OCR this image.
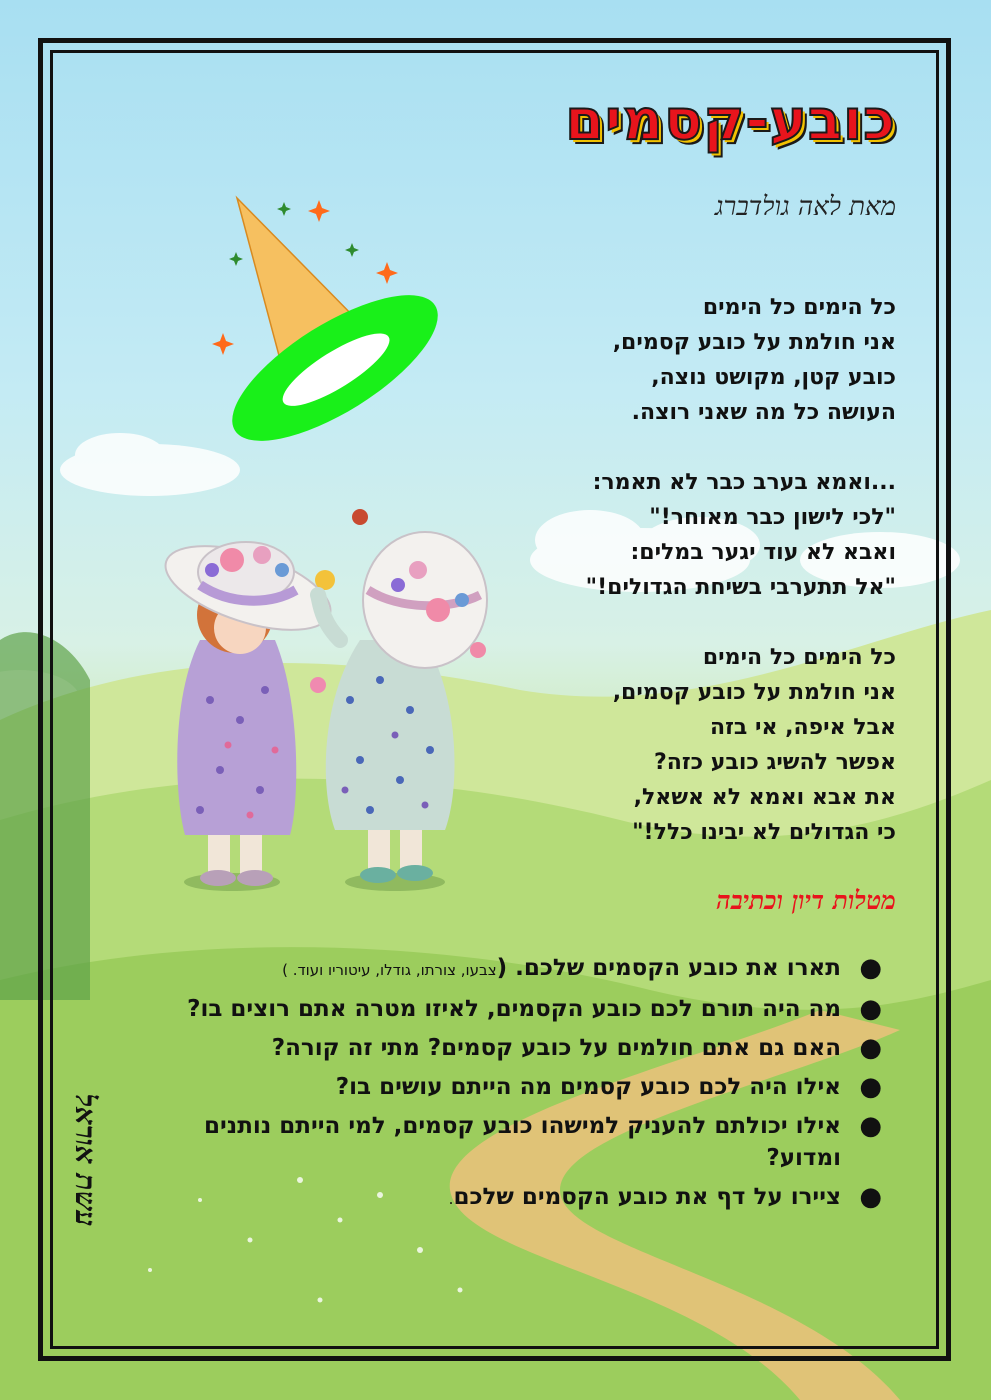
כובע-קסמים
מאת לאה גולדברג
כל הימים כל הימים
אני חולמת על כובע קסמים,
כובע קטן, מקושט נוצה,
העושה כל מה שאני רוצה.
...ואמא בערב כבר לא תאמר:
"לכי לישון כבר מאוחר!"
ואבא לא עוד יגער במלים:
"אל תתערבי בשיחת הגדולים!"
כל הימים כל הימים
אני חולמת על כובע קסמים,
אבל איפה, אי בזה
אפשר להשיג כובע כזה?
את אבא ואמא לא אשאל,
כי הגדולים לא יבינו כלל!"
מטלות דיון וכתיבה
●
תארו את כובע הקסמים שלכם. (צבעו, צורתו, גודלו, עיטוריו ועוד. )
●
מה היה תורם לכם כובע הקסמים, לאיזו מטרה אתם רוצים בו?
●
האם גם אתם חולמים על כובע קסמים? מתי זה קורה?
●
אילו היה לכם כובע קסמים מה הייתם עושים בו?
●
אילו יכולתם להעניק למישהו כובע קסמים, למי הייתם נותנים ומדוע?
●
ציירו על דף את כובע הקסמים שלכם.
עשת אוראל
